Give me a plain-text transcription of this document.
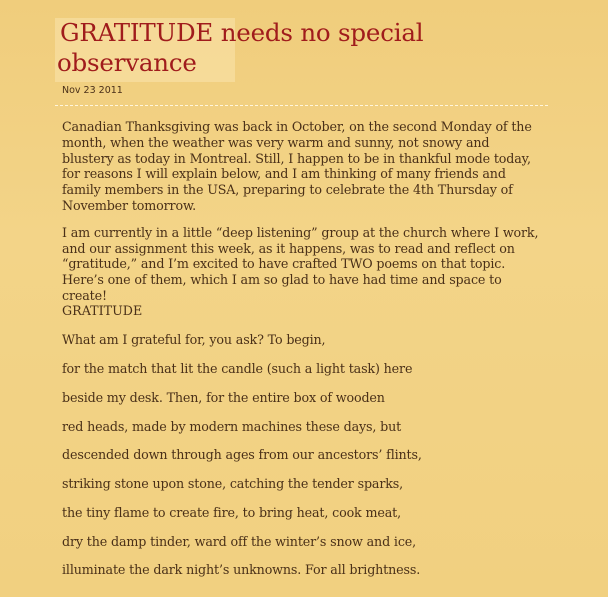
GRATITUDE needs no special
observance
Nov 23 2011

Canadian Thanksgiving was back in October, on the second Monday of the month, when the weather was very warm and sunny, not snowy and blustery as today in Montreal. Still, I happen to be in thankful mode today, for reasons I will explain below, and I am thinking of many friends and family members in the USA, preparing to celebrate the 4th Thursday of November tomorrow.

I am currently in a little “deep listening” group at the church where I work, and our assignment this week, as it happens, was to read and reflect on “gratitude,” and I’m excited to have crafted TWO poems on that topic. Here’s one of them, which I am so glad to have had time and space to create!

GRATITUDE
What am I grateful for, you ask? To begin,
for the match that lit the candle (such a light task) here
beside my desk. Then, for the entire box of wooden
red heads, made by modern machines these days, but
descended down through ages from our ancestors’ flints,
striking stone upon stone, catching the tender sparks,
the tiny flame to create fire, to bring heat, cook meat,
dry the damp tinder, ward off the winter’s snow and ice,
illuminate the dark night’s unknowns. For all brightness.
